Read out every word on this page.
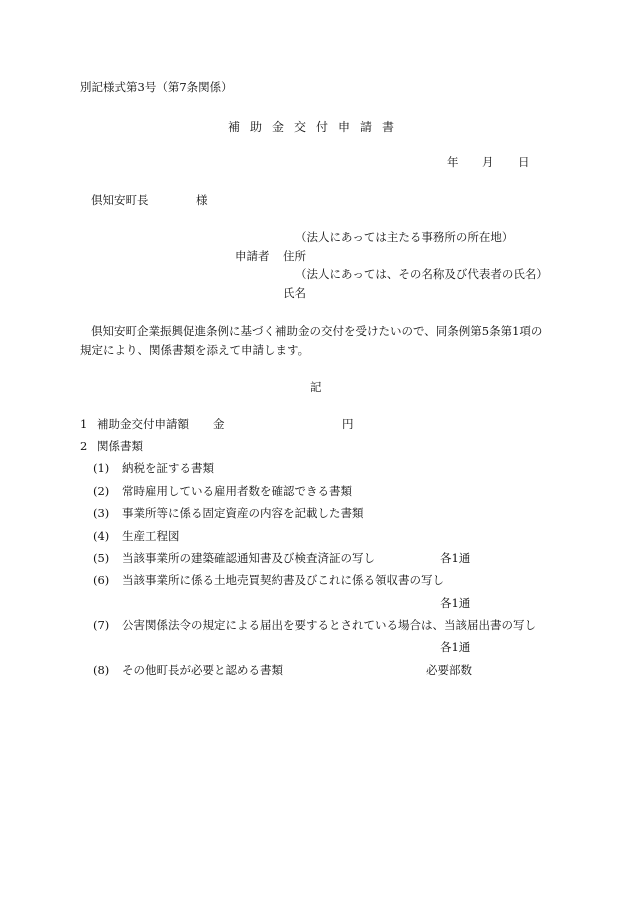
別記様式第3号（第7条関係）
補助金交付申請書
年 月 日
倶知安町長	様
（法人にあっては主たる事務所の所在地）
申請者 住所
（法人にあっては、その名称及び代表者の氏名）
氏名
倶知安町企業振興促進条例に基づく補助金の交付を受けたいので、同条例第5条第1項の
規定により、関係書類を添えて申請します。
記
1 補助金交付申請額 金	円
2 関係書類
(1) 納税を証する書類
(2) 常時雇用している雇用者数を確認できる書類
(3) 事業所等に係る固定資産の内容を記載した書類
(4) 生産工程図
(5) 当該事業所の建築確認通知書及び検査済証の写し	各1通
(6) 当該事業所に係る土地売買契約書及びこれに係る領収書の写し
各1通
(7) 公害関係法令の規定による届出を要するとされている場合は、当該届出書の写し
各1通
(8) その他町長が必要と認める書類	必要部数
